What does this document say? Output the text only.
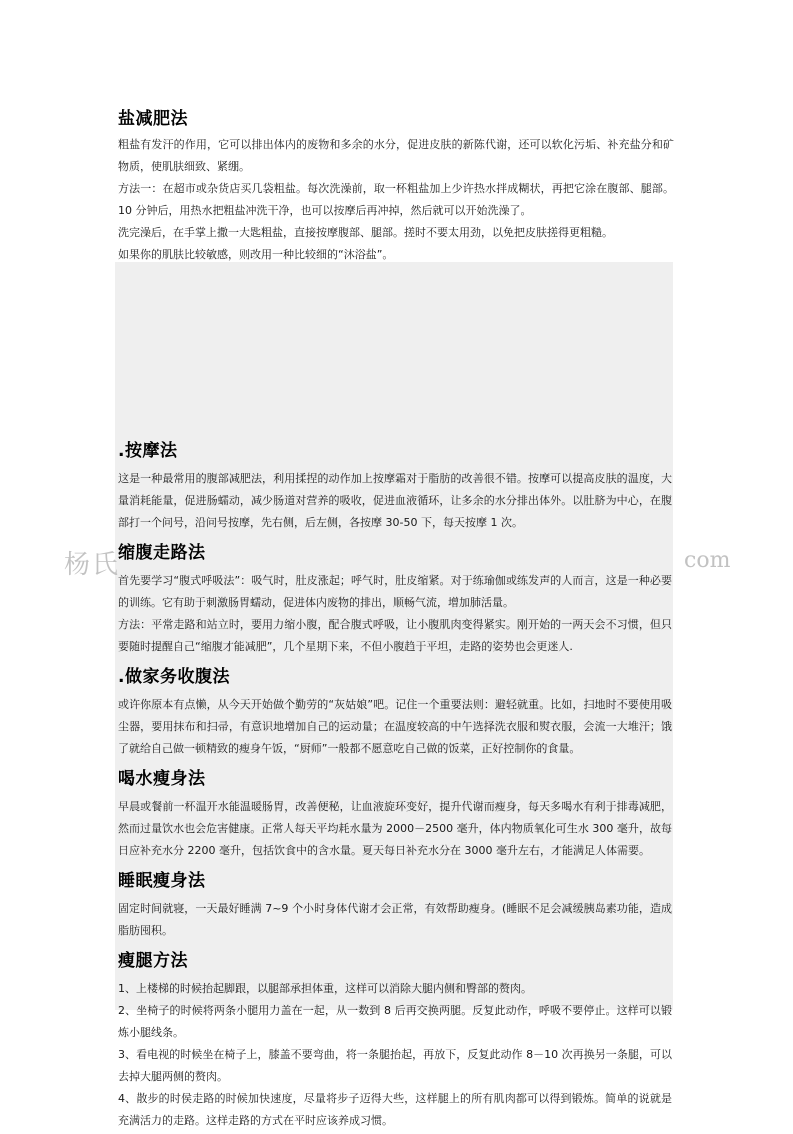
杨氏	com
盐减肥法

粗盐有发汗的作用，它可以排出体内的废物和多余的水分，促进皮肤的新陈代谢，还可以软化污垢、补充盐分和矿物质，使肌肤细致、紧绷。

方法一：在超市或杂货店买几袋粗盐。每次洗澡前，取一杯粗盐加上少许热水拌成糊状，再把它涂在腹部、腿部。10 分钟后，用热水把粗盐冲洗干净，也可以按摩后再冲掉，然后就可以开始洗澡了。

洗完澡后，在手掌上撒一大匙粗盐，直接按摩腹部、腿部。搓时不要太用劲，以免把皮肤搓得更粗糙。

如果你的肌肤比较敏感，则改用一种比较细的“沐浴盐”。

.按摩法

这是一种最常用的腹部减肥法，利用揉捏的动作加上按摩霜对于脂肪的改善很不错。按摩可以提高皮肤的温度，大量消耗能量，促进肠蠕动，减少肠道对营养的吸收，促进血液循环，让多余的水分排出体外。以肚脐为中心，在腹部打一个问号，沿问号按摩，先右侧，后左侧，各按摩 30-50 下，每天按摩 1 次。

缩腹走路法

首先要学习“腹式呼吸法”：吸气时，肚皮涨起；呼气时，肚皮缩紧。对于练瑜伽或练发声的人而言，这是一种必要的训练。它有助于刺激肠胃蠕动，促进体内废物的排出，顺畅气流，增加肺活量。

方法：平常走路和站立时，要用力缩小腹，配合腹式呼吸，让小腹肌肉变得紧实。刚开始的一两天会不习惯，但只要随时提醒自己“缩腹才能减肥”，几个星期下来，不但小腹趋于平坦，走路的姿势也会更迷人.

.做家务收腹法

或许你原本有点懒，从今天开始做个勤劳的“灰姑娘”吧。记住一个重要法则：避轻就重。比如，扫地时不要使用吸尘器，要用抹布和扫帚，有意识地增加自己的运动量；在温度较高的中午选择洗衣服和熨衣服，会流一大堆汗；饿了就给自己做一顿精致的瘦身午饭，“厨师”一般都不愿意吃自己做的饭菜，正好控制你的食量。

喝水瘦身法

早晨或餐前一杯温开水能温暖肠胃，改善便秘，让血液旋环变好，提升代谢而瘦身，每天多喝水有利于排毒减肥，然而过量饮水也会危害健康。正常人每天平均耗水量为 2000－2500 毫升，体内物质氧化可生水 300 毫升，故每日应补充水分 2200 毫升，包括饮食中的含水量。夏天每日补充水分在 3000 毫升左右，才能满足人体需要。

睡眠瘦身法

固定时间就寝，一天最好睡满 7~9 个小时身体代谢才会正常，有效帮助瘦身。(睡眠不足会减缓胰岛素功能，造成脂肪囤积。

瘦腿方法

1、上楼梯的时候抬起脚跟，以腿部承担体重，这样可以消除大腿内侧和臀部的赘肉。

2、坐椅子的时候将两条小腿用力盖在一起，从一数到 8 后再交换两腿。反复此动作，呼吸不要停止。这样可以锻炼小腿线条。

3、看电视的时候坐在椅子上，膝盖不要弯曲，将一条腿抬起，再放下，反复此动作 8－10 次再换另一条腿，可以去掉大腿两侧的赘肉。

4、散步的时侯走路的时候加快速度，尽量将步子迈得大些，这样腿上的所有肌肉都可以得到锻炼。简单的说就是充满活力的走路。这样走路的方式在平时应该养成习惯。
